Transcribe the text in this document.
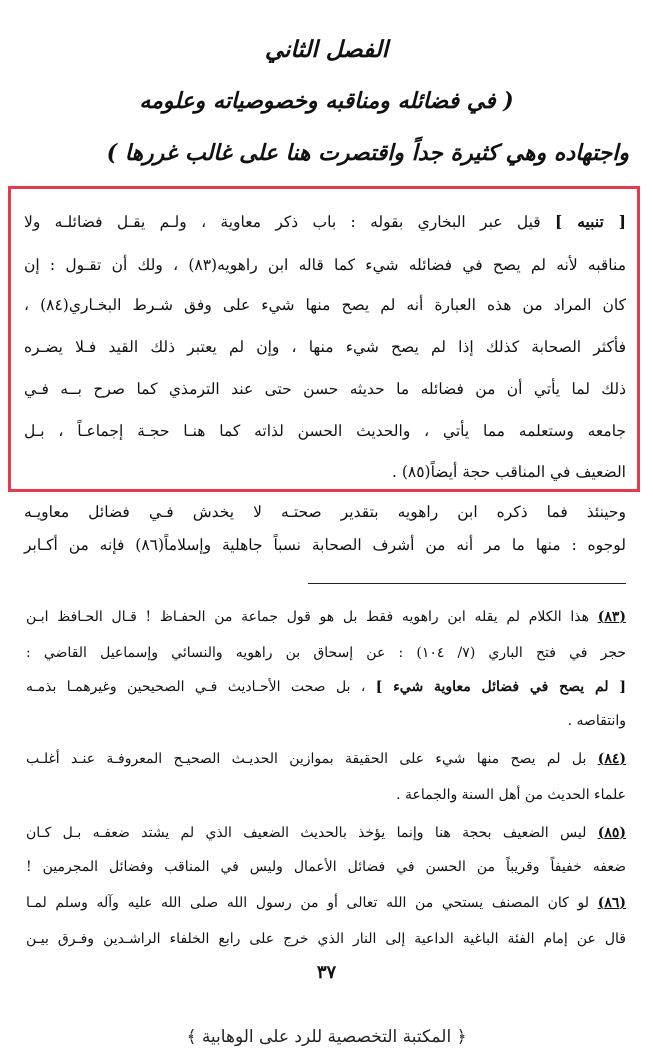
الفصل الثاني
( في فضائله ومناقبه وخصوصياته وعلومه
واجتهاده وهي كثيرة جداً واقتصرت هنا على غالب غررها )
[ تنبيه ] قيل عبر البخاري بقوله : باب ذكر معاوية ، ولـم يقـل فضائلـه ولا
مناقبه لأنه لم يصح في فضائله شيء كما قاله ابن راهويه(٨٣) ، ولك أن تقـول : إن
كان المراد من هذه العبارة أنه لم يصح منها شيء على وفق شـرط البخـاري(٨٤) ،
فأكثر الصحابة كذلك إذا لم يصح شيء منها ، وإن لم يعتبر ذلك القيد فـلا يضـره
ذلك لما يأتي أن من فضائله ما حديثه حسن حتى عند الترمذي كما صرح بــه فـي
جامعه وستعلمه مما يأتي ، والحديث الحسن لذاته كما هنـا حجـة إجماعـاً ، بـل
الضعيف في المناقب حجة أيضاً(٨٥) .
وحينئذ فما ذكره ابن راهويه بتقدير صحتـه لا يخدش فـي فضائل معاويـه
لوجوه : منها ما مر أنه من أشرف الصحابة نسباً جاهلية وإسلاماً(٨٦) فإنه من أكـابر
(٨٣) هذا الكلام لم يقله ابن راهويه فقط بل هو قول جماعة من الحفـاظ ! قـال الحـافظ ابـن
حجر في فتح الباري (٧/ ١٠٤) : عن إسحاق بن راهويه والنسائي وإسماعيل القاضي :
[ لم يصح في فضائل معاوية شيء ] ، بل صحت الأحـاديث فـي الصحيحين وغيرهمـا بذمـه
وانتقاصه .
(٨٤) بل لم يصح منها شيء على الحقيقة بموازين الحديـث الصحيـح المعروفـة عنـد أغلـب
علماء الحديث من أهل السنة والجماعة .
(٨٥) ليس الضعيف بحجة هنا وإنما يؤخذ بالحديث الضعيف الذي لم يشتد ضعفـه بـل كـان
ضعفه خفيفاً وقريباً من الحسن في فضائل الأعمال وليس في المناقب وفضائل المجرمين !
(٨٦) لو كان المصنف يستحي من الله تعالى أو من رسول الله صلى الله عليه وآله وسلم لمـا
قال عن إمام الفئة الباغية الداعية إلى النار الذي خرج على رابع الخلفاء الراشـدين وفـرق بيـن
٣٧
﴿ المكتبة التخصصية للرد على الوهابية ﴾
